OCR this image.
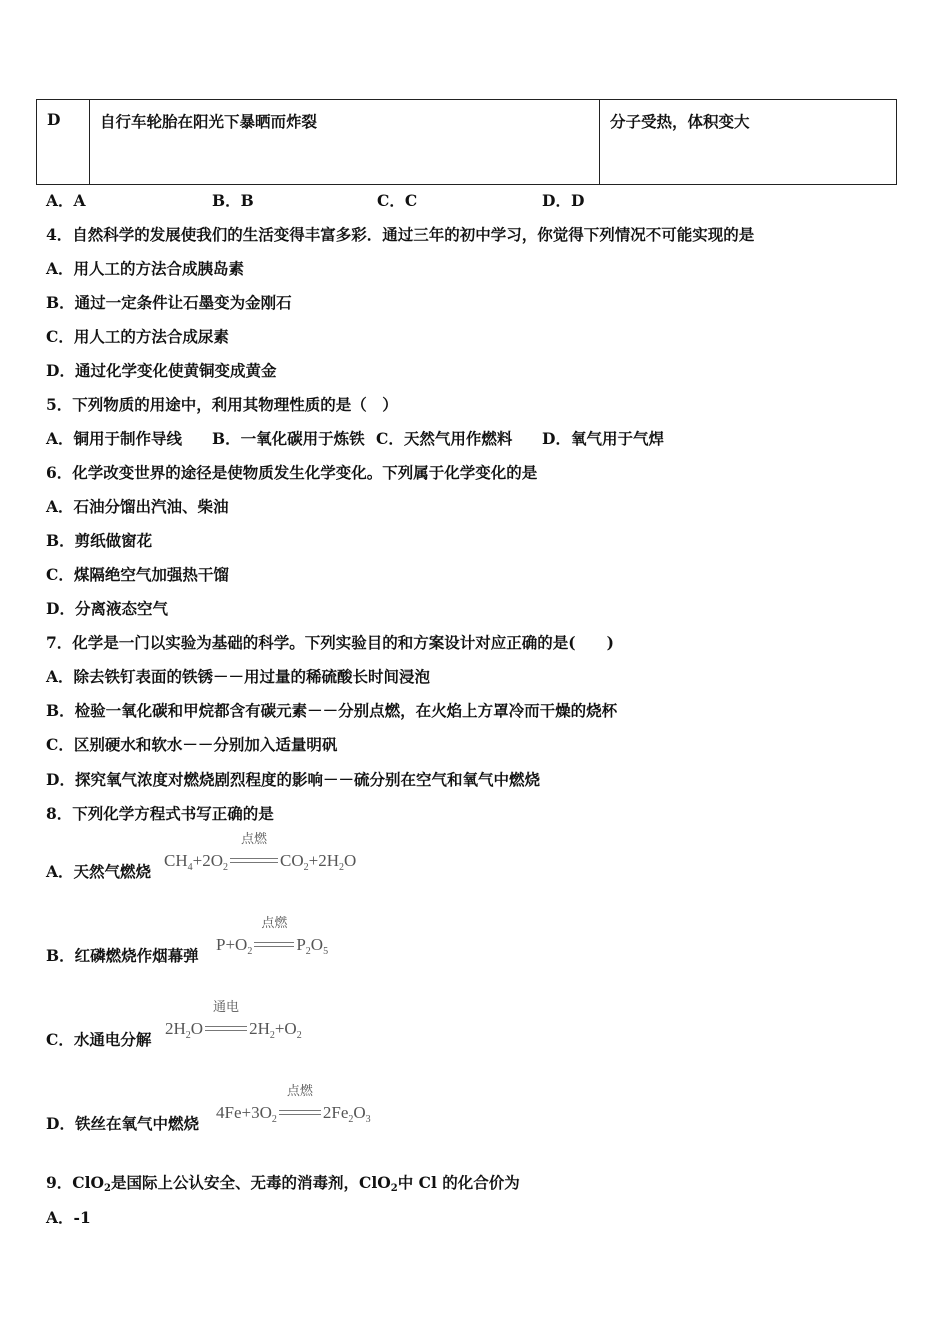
D	自行车轮胎在阳光下暴晒而炸裂	分子受热，体积变大
A．A	B．B	C．C	D．D
4．自然科学的发展使我们的生活变得丰富多彩．通过三年的初中学习，你觉得下列情况不可能实现的是
A．用人工的方法合成胰岛素
B．通过一定条件让石墨变为金刚石
C．用人工的方法合成尿素
D．通过化学变化使黄铜变成黄金
5．下列物质的用途中，利用其物理性质的是（　）
A．铜用于制作导线 B．一氧化碳用于炼铁 C．天然气用作燃料 D．氧气用于气焊
6．化学改变世界的途径是使物质发生化学变化。下列属于化学变化的是
A．石油分馏出汽油、柴油
B．剪纸做窗花
C．煤隔绝空气加强热干馏
D．分离液态空气
7．化学是一门以实验为基础的科学。下列实验目的和方案设计对应正确的是(　　)
A．除去铁钉表面的铁锈－－用过量的稀硫酸长时间浸泡
B．检验一氧化碳和甲烷都含有碳元素－－分别点燃，在火焰上方罩冷而干燥的烧杯
C．区别硬水和软水－－分别加入适量明矾
D．探究氧气浓度对燃烧剧烈程度的影响－－硫分别在空气和氧气中燃烧
8．下列化学方程式书写正确的是
A．天然气燃烧
$CH_4+2O_2$
点燃
$CO_2+2H_2O$
B．红磷燃烧作烟幕弹
$P+O_2$
点燃
$P_2O_5$
C．水通电分解
$2H_2O$
通电
$2H_2+O_2$
D．铁丝在氧气中燃烧
$4Fe+3O_2$
点燃
$2Fe_2O_3$
9．ClO$_2$是国际上公认安全、无毒的消毒剂，ClO$_2$中 Cl 的化合价为
A．-1
